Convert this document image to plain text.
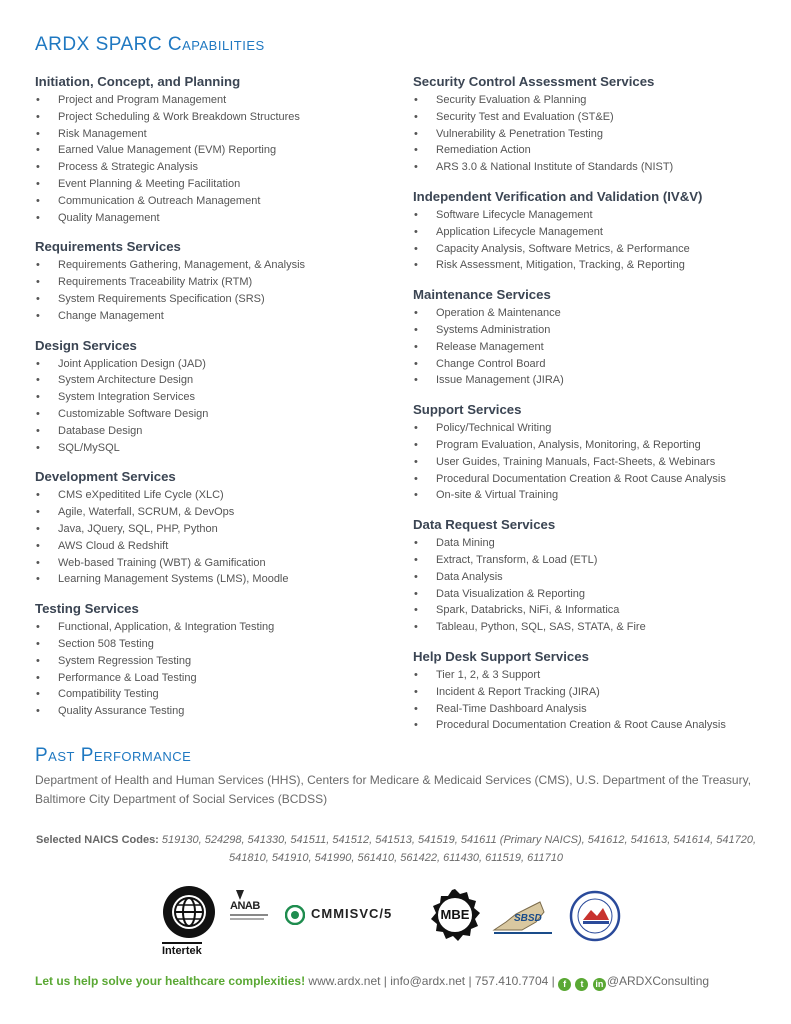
ARDX SPARC Capabilities
Initiation, Concept, and Planning
• Project and Program Management
• Project Scheduling & Work Breakdown Structures
• Risk Management
• Earned Value Management (EVM) Reporting
• Process & Strategic Analysis
• Event Planning & Meeting Facilitation
• Communication & Outreach Management
• Quality Management
Requirements Services
• Requirements Gathering, Management, & Analysis
• Requirements Traceability Matrix (RTM)
• System Requirements Specification (SRS)
• Change Management
Design Services
• Joint Application Design (JAD)
• System Architecture Design
• System Integration Services
• Customizable Software Design
• Database Design
• SQL/MySQL
Development Services
• CMS eXpeditited Life Cycle (XLC)
• Agile, Waterfall, SCRUM, & DevOps
• Java, JQuery, SQL, PHP, Python
• AWS Cloud & Redshift
• Web-based Training (WBT) & Gamification
• Learning Management Systems (LMS), Moodle
Testing Services
• Functional, Application, & Integration Testing
• Section 508 Testing
• System Regression Testing
• Performance & Load Testing
• Compatibility Testing
• Quality Assurance Testing
Security Control Assessment Services
• Security Evaluation & Planning
• Security Test and Evaluation (ST&E)
• Vulnerability & Penetration Testing
• Remediation Action
• ARS 3.0 & National Institute of Standards (NIST)
Independent Verification and Validation (IV&V)
• Software Lifecycle Management
• Application Lifecycle Management
• Capacity Analysis, Software Metrics, & Performance
• Risk Assessment, Mitigation, Tracking, & Reporting
Maintenance Services
• Operation & Maintenance
• Systems Administration
• Release Management
• Change Control Board
• Issue Management (JIRA)
Support Services
• Policy/Technical Writing
• Program Evaluation, Analysis, Monitoring, & Reporting
• User Guides, Training Manuals, Fact-Sheets, & Webinars
• Procedural Documentation Creation & Root Cause Analysis
• On-site & Virtual Training
Data Request Services
• Data Mining
• Extract, Transform, & Load (ETL)
• Data Analysis
• Data Visualization & Reporting
• Spark, Databricks, NiFi, & Informatica
• Tableau, Python, SQL, SAS, STATA, & Fire
Help Desk Support Services
• Tier 1, 2, & 3 Support
• Incident & Report Tracking (JIRA)
• Real-Time Dashboard Analysis
• Procedural Documentation Creation & Root Cause Analysis
Past Performance
Department of Health and Human Services (HHS), Centers for Medicare & Medicaid Services (CMS), U.S. Department of the Treasury, Baltimore City Department of Social Services (BCDSS)
Selected NAICS Codes: 519130, 524298, 541330, 541511, 541512, 541513, 541519, 541611 (Primary NAICS), 541612, 541613, 541614, 541720, 541810, 541910, 541990, 561410, 561422, 611430, 611519, 611710
Intertek
ANAB	CMMISVC/5	MBE	SBSD
Let us help solve your healthcare complexities! www.ardx.net | info@ardx.net | 757.410.7704 | f t in @ARDXConsulting
